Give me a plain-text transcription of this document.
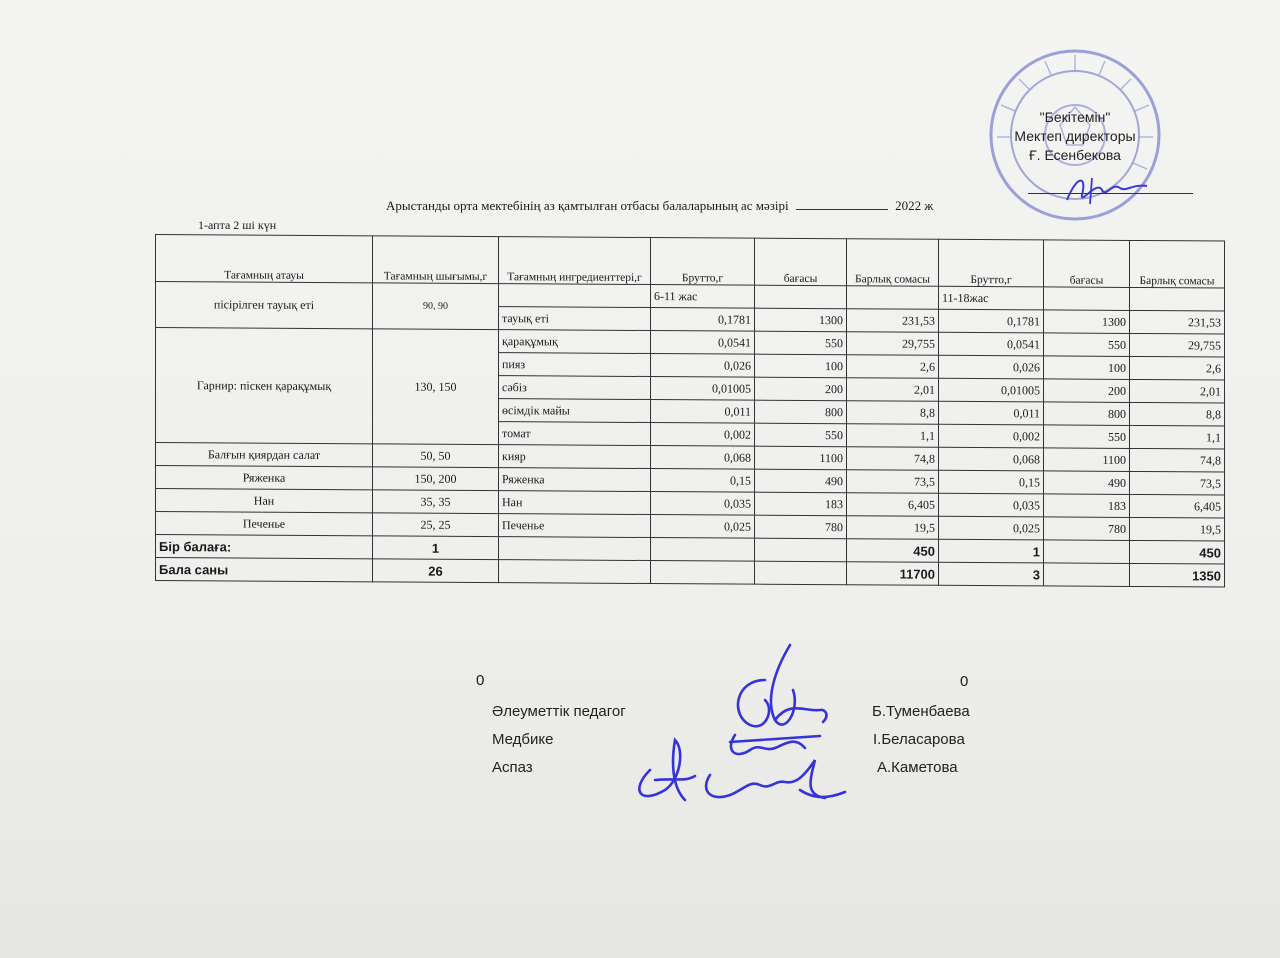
"Бекітемін"
Мектеп директоры
Ғ. Есенбекова
Арыстанды орта мектебінің аз қамтылған отбасы балаларының ас мәзірі	2022 ж
1-апта 2 ші күн
Тағамның атауы	Тағамның шығымы,г	Тағамның ингредиенттері,г	Брутто,г	бағасы	Барлық сомасы	Брутто,г	бағасы	Барлық сомасы
пісірілген тауық еті	90, 90		6-11 жас			11-18жас		
		тауық еті	0,1781	1300	231,53	0,1781	1300	231,53
Гарнир: піскен қарақұмық	130, 150	қарақұмық	0,0541	550	29,755	0,0541	550	29,755
		пияз	0,026	100	2,6	0,026	100	2,6
		сәбіз	0,01005	200	2,01	0,01005	200	2,01
		өсімдік майы	0,011	800	8,8	0,011	800	8,8
		томат	0,002	550	1,1	0,002	550	1,1
Балғын қиярдан салат	50, 50	кияр	0,068	1100	74,8	0,068	1100	74,8
Ряженка	150, 200	Ряженка	0,15	490	73,5	0,15	490	73,5
Нан	35, 35	Нан	0,035	183	6,405	0,035	183	6,405
Печенье	25, 25	Печенье	0,025	780	19,5	0,025	780	19,5
Бір балаға:	1				450	1		450
Бала саны	26				11700	3		1350
0	0
Әлеуметтік педагог
Медбике
Аспаз
Б.Туменбаева
І.Беласарова
А.Каметова
